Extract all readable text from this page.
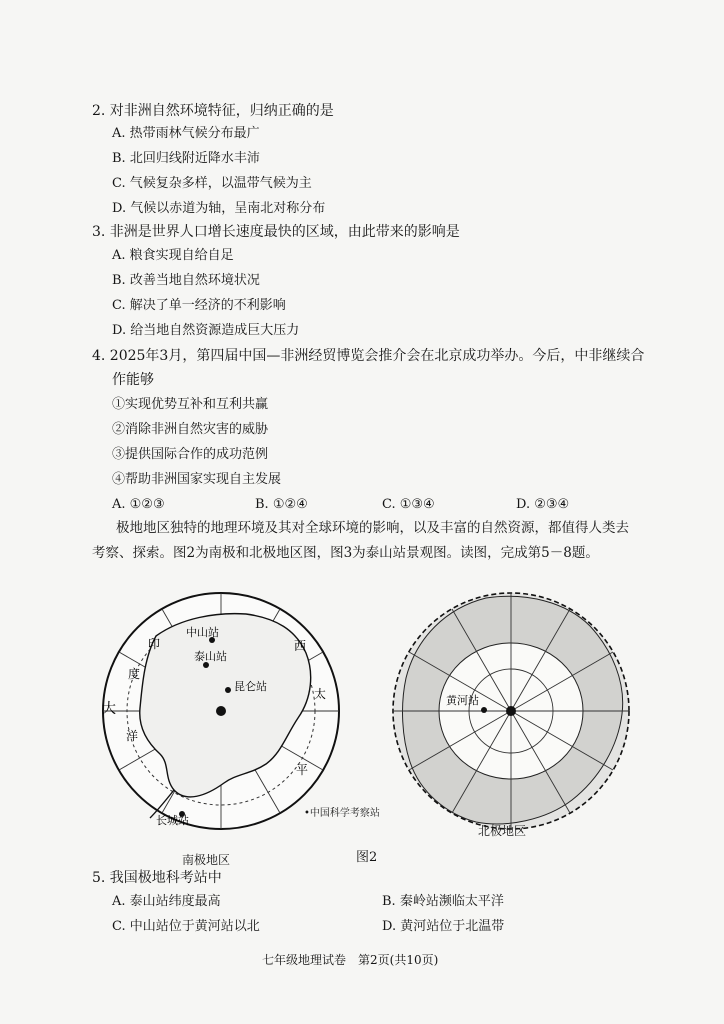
2. 对非洲自然环境特征，归纳正确的是
A. 热带雨林气候分布最广
B. 北回归线附近降水丰沛
C. 气候复杂多样，以温带气候为主
D. 气候以赤道为轴，呈南北对称分布
3. 非洲是世界人口增长速度最快的区域，由此带来的影响是
A. 粮食实现自给自足
B. 改善当地自然环境状况
C. 解决了单一经济的不利影响
D. 给当地自然资源造成巨大压力
4. 2025年3月，第四届中国—非洲经贸博览会推介会在北京成功举办。今后，中非继续合
作能够
①实现优势互补和互利共赢
②消除非洲自然灾害的威胁
③提供国际合作的成功范例
④帮助非洲国家实现自主发展
A. ①②③	B. ①②④	C. ①③④	D. ②③④
极地地区独特的地理环境及其对全球环境的影响，以及丰富的自然资源，都值得人类去
考察、探索。图2为南极和北极地区图，图3为泰山站景观图。读图，完成第5－8题。
中山站
泰山站
昆仑站
长城站
印
度
洋
大
西
太
平
南极地区
•中国科学考察站
黄河站
北极地区
图2
5. 我国极地科考站中
A. 泰山站纬度最高	B. 秦岭站濒临太平洋
C. 中山站位于黄河站以北	D. 黄河站位于北温带
七年级地理试卷　第2页(共10页)
